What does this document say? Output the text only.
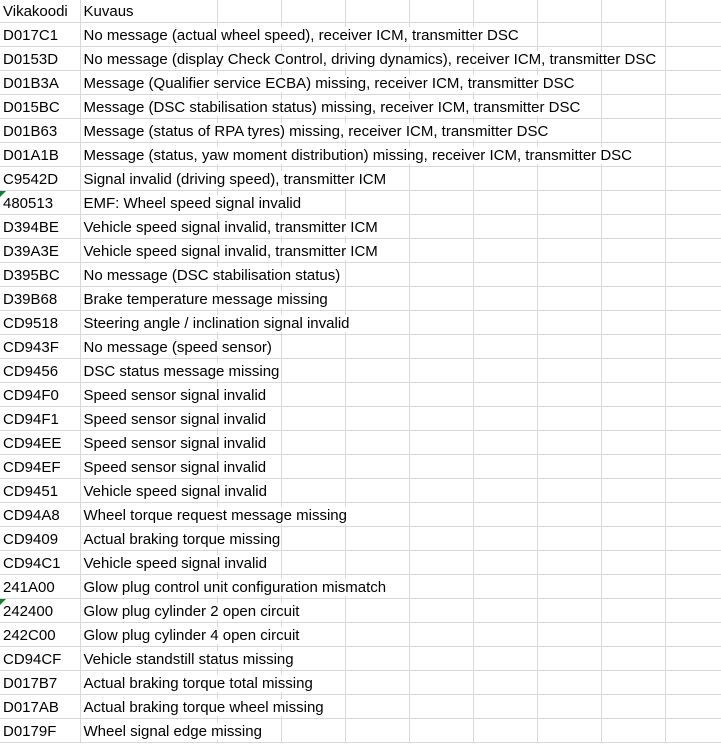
Vikakoodi	Kuvaus								
D017C1	No message (actual wheel speed), receiver ICM, transmitter DSC								
D0153D	No message (display Check Control, driving dynamics), receiver ICM, transmitter DSC								
D01B3A	Message (Qualifier service ECBA) missing, receiver ICM, transmitter DSC								
D015BC	Message (DSC stabilisation status) missing, receiver ICM, transmitter DSC								
D01B63	Message (status of RPA tyres) missing, receiver ICM, transmitter DSC								
D01A1B	Message (status, yaw moment distribution) missing, receiver ICM, transmitter DSC								
C9542D	Signal invalid (driving speed), transmitter ICM								

480513	EMF: Wheel speed signal invalid								
D394BE	Vehicle speed signal invalid, transmitter ICM								
D39A3E	Vehicle speed signal invalid, transmitter ICM								
D395BC	No message (DSC stabilisation status)								
D39B68	Brake temperature message missing								
CD9518	Steering angle / inclination signal invalid								
CD943F	No message (speed sensor)								
CD9456	DSC status message missing								
CD94F0	Speed sensor signal invalid								
CD94F1	Speed sensor signal invalid								
CD94EE	Speed sensor signal invalid								
CD94EF	Speed sensor signal invalid								
CD9451	Vehicle speed signal invalid								
CD94A8	Wheel torque request message missing								
CD9409	Actual braking torque missing								
CD94C1	Vehicle speed signal invalid								
241A00	Glow plug control unit configuration mismatch								

242400	Glow plug cylinder 2 open circuit								
242C00	Glow plug cylinder 4 open circuit								
CD94CF	Vehicle standstill status missing								
D017B7	Actual braking torque total missing								
D017AB	Actual braking torque wheel missing								
D0179F	Wheel signal edge missing								
